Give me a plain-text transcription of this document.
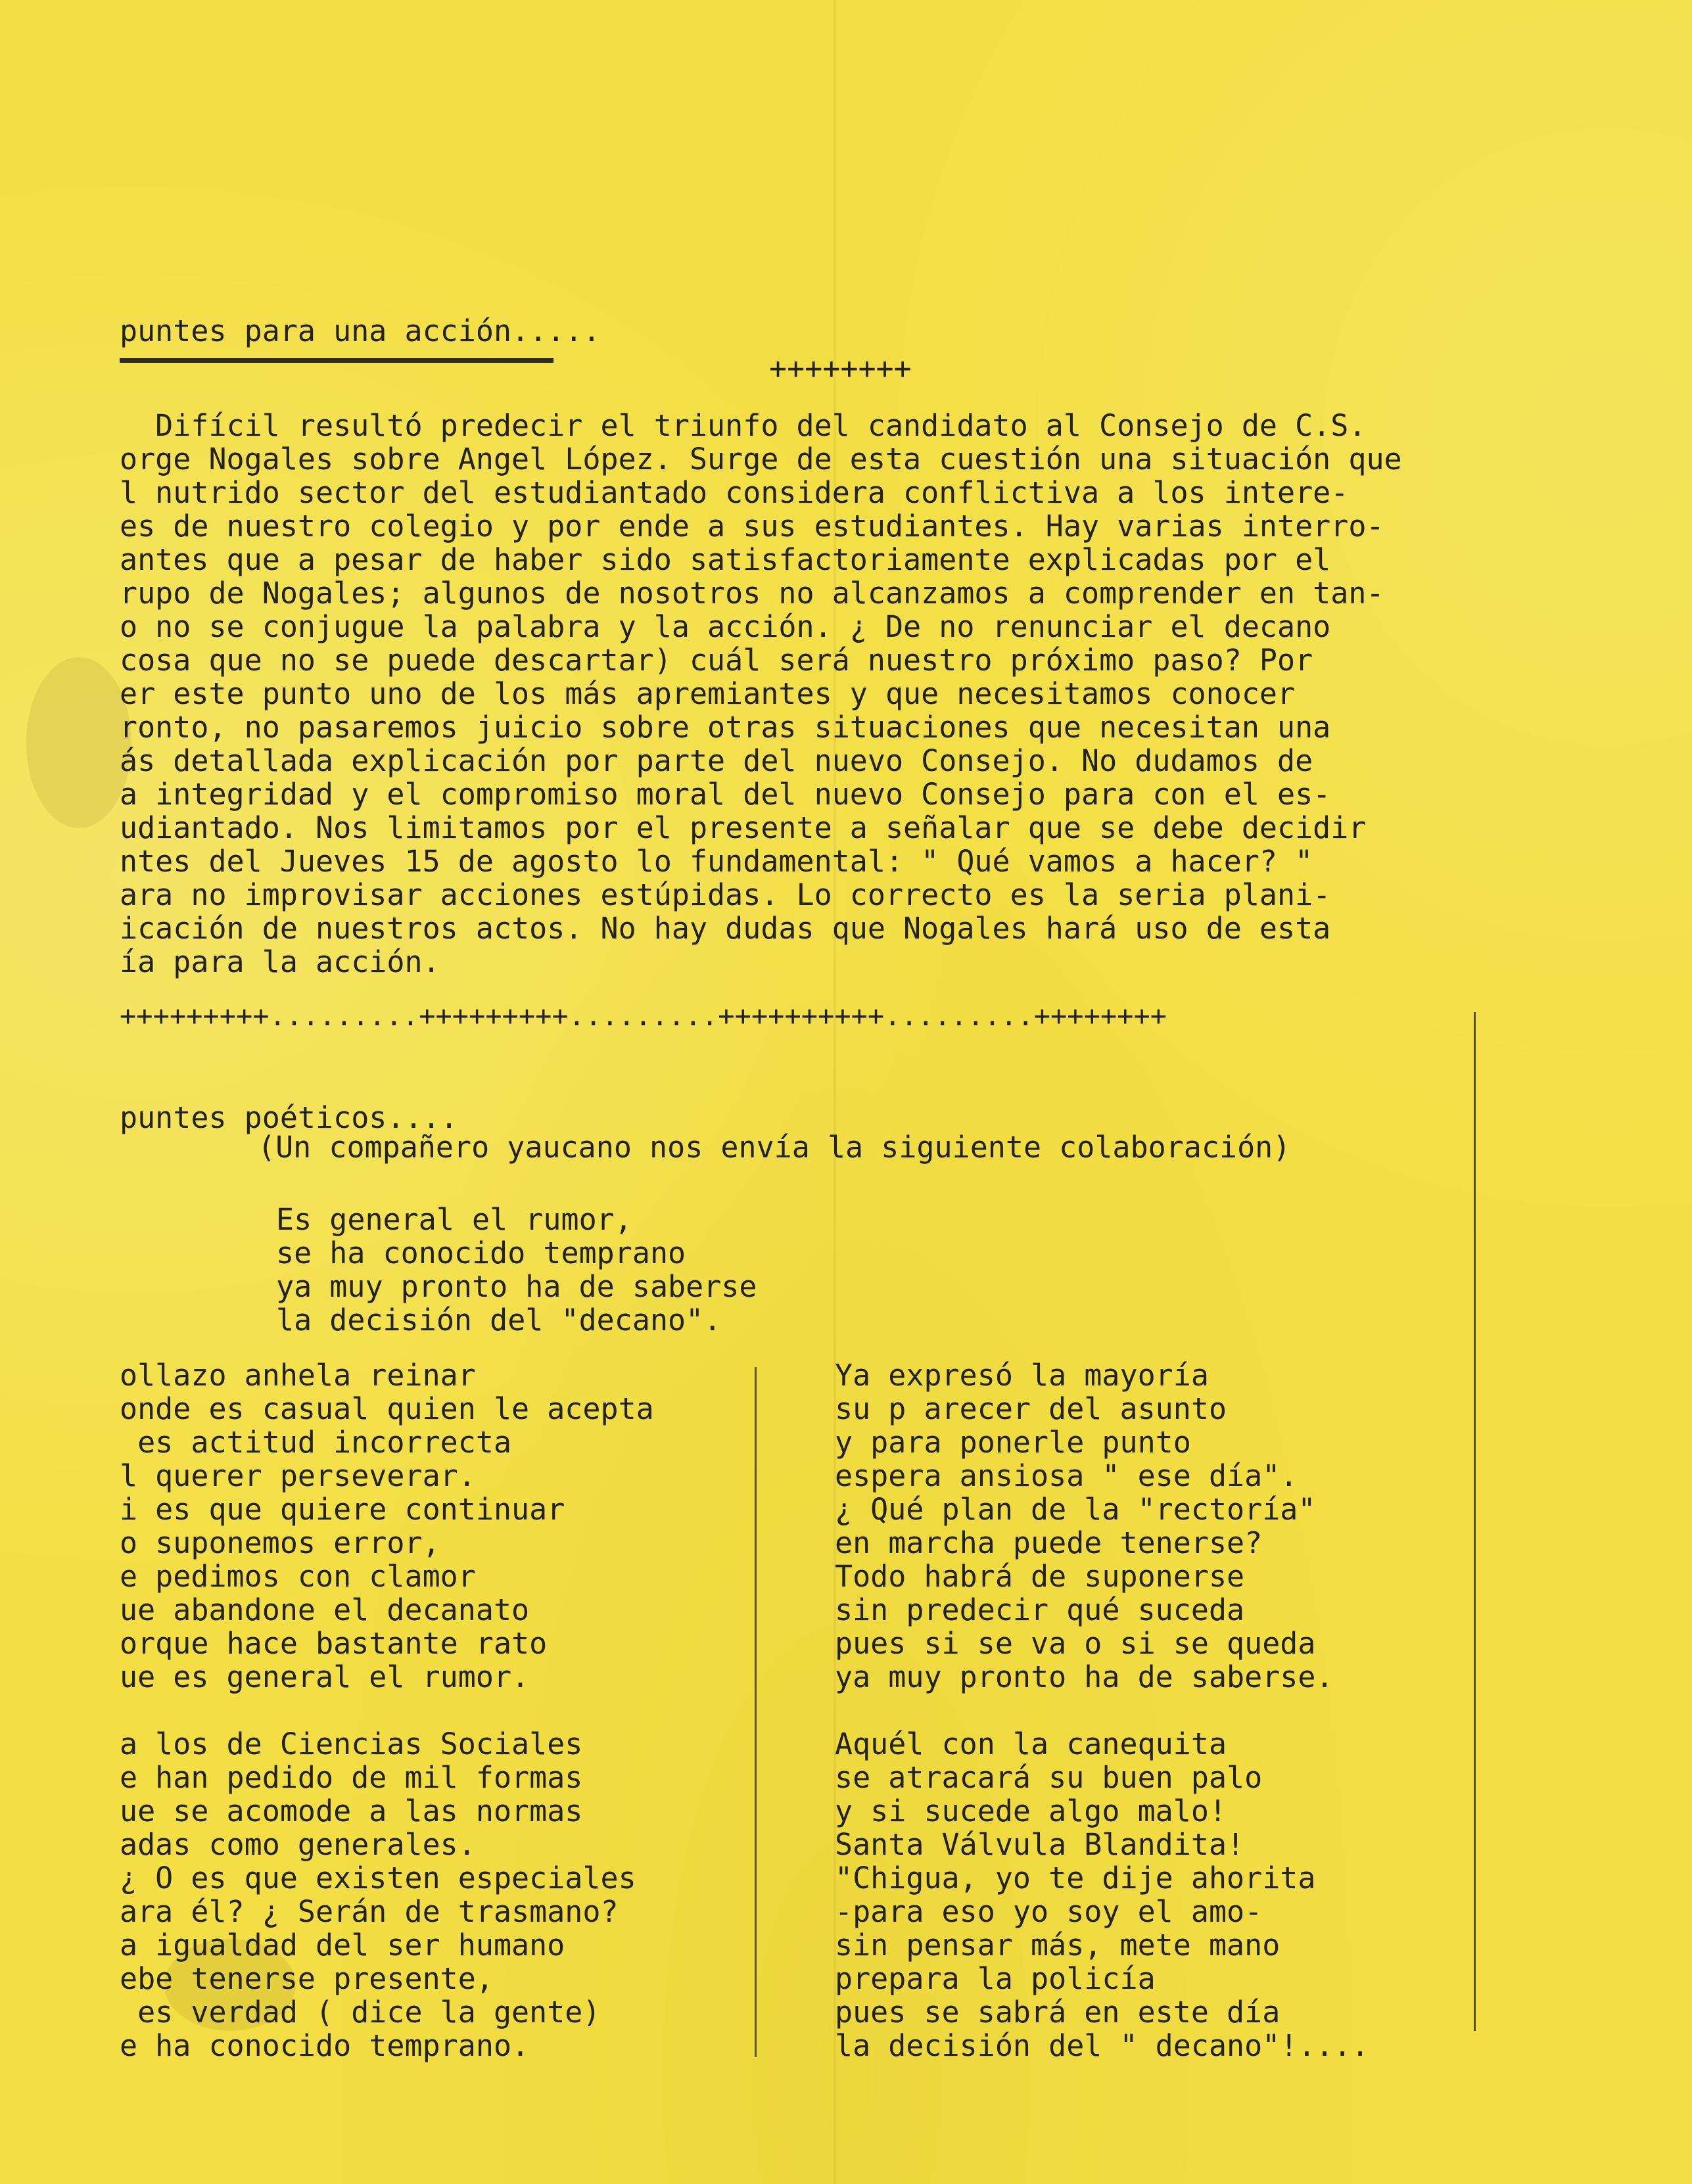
puntes para una acción.....
++++++++
Difícil resultó predecir el triunfo del candidato al Consejo de C.S.
orge Nogales sobre Angel López. Surge de esta cuestión una situación que
l nutrido sector del estudiantado considera conflictiva a los intere-
es de nuestro colegio y por ende a sus estudiantes. Hay varias interro-
antes que a pesar de haber sido satisfactoriamente explicadas por el
rupo de Nogales; algunos de nosotros no alcanzamos a comprender en tan-
o no se conjugue la palabra y la acción. ¿ De no renunciar el decano
cosa que no se puede descartar) cuál será nuestro próximo paso? Por
er este punto uno de los más apremiantes y que necesitamos conocer
ronto, no pasaremos juicio sobre otras situaciones que necesitan una
ás detallada explicación por parte del nuevo Consejo. No dudamos de
a integridad y el compromiso moral del nuevo Consejo para con el es-
udiantado. Nos limitamos por el presente a señalar que se debe decidir
ntes del Jueves 15 de agosto lo fundamental: " Qué vamos a hacer? "
ara no improvisar acciones estúpidas. Lo correcto es la seria plani-
icación de nuestros actos. No hay dudas que Nogales hará uso de esta
ía para la acción.
+++++++++.........+++++++++.........++++++++++.........++++++++
puntes poéticos....
(Un compañero yaucano nos envía la siguiente colaboración)
Es general el rumor,
se ha conocido temprano
ya muy pronto ha de saberse
la decisión del "decano".
ollazo anhela reinar
onde es casual quien le acepta
es actitud incorrecta
l querer perseverar.
i es que quiere continuar
o suponemos error,
e pedimos con clamor
ue abandone el decanato
orque hace bastante rato
ue es general el rumor.

a los de Ciencias Sociales
e han pedido de mil formas
ue se acomode a las normas
adas como generales.
¿ O es que existen especiales
ara él? ¿ Serán de trasmano?
a igualdad del ser humano
ebe tenerse presente,
es verdad ( dice la gente)
e ha conocido temprano.
Ya expresó la mayoría
su p arecer del asunto
y para ponerle punto
espera ansiosa " ese día".
¿ Qué plan de la "rectoría"
en marcha puede tenerse?
Todo habrá de suponerse
sin predecir qué suceda
pues si se va o si se queda
ya muy pronto ha de saberse.

Aquél con la canequita
se atracará su buen palo
y si sucede algo malo!
Santa Válvula Blandita!
"Chigua, yo te dije ahorita
-para eso yo soy el amo-
sin pensar más, mete mano
prepara la policía
pues se sabrá en este día
la decisión del " decano"!....
